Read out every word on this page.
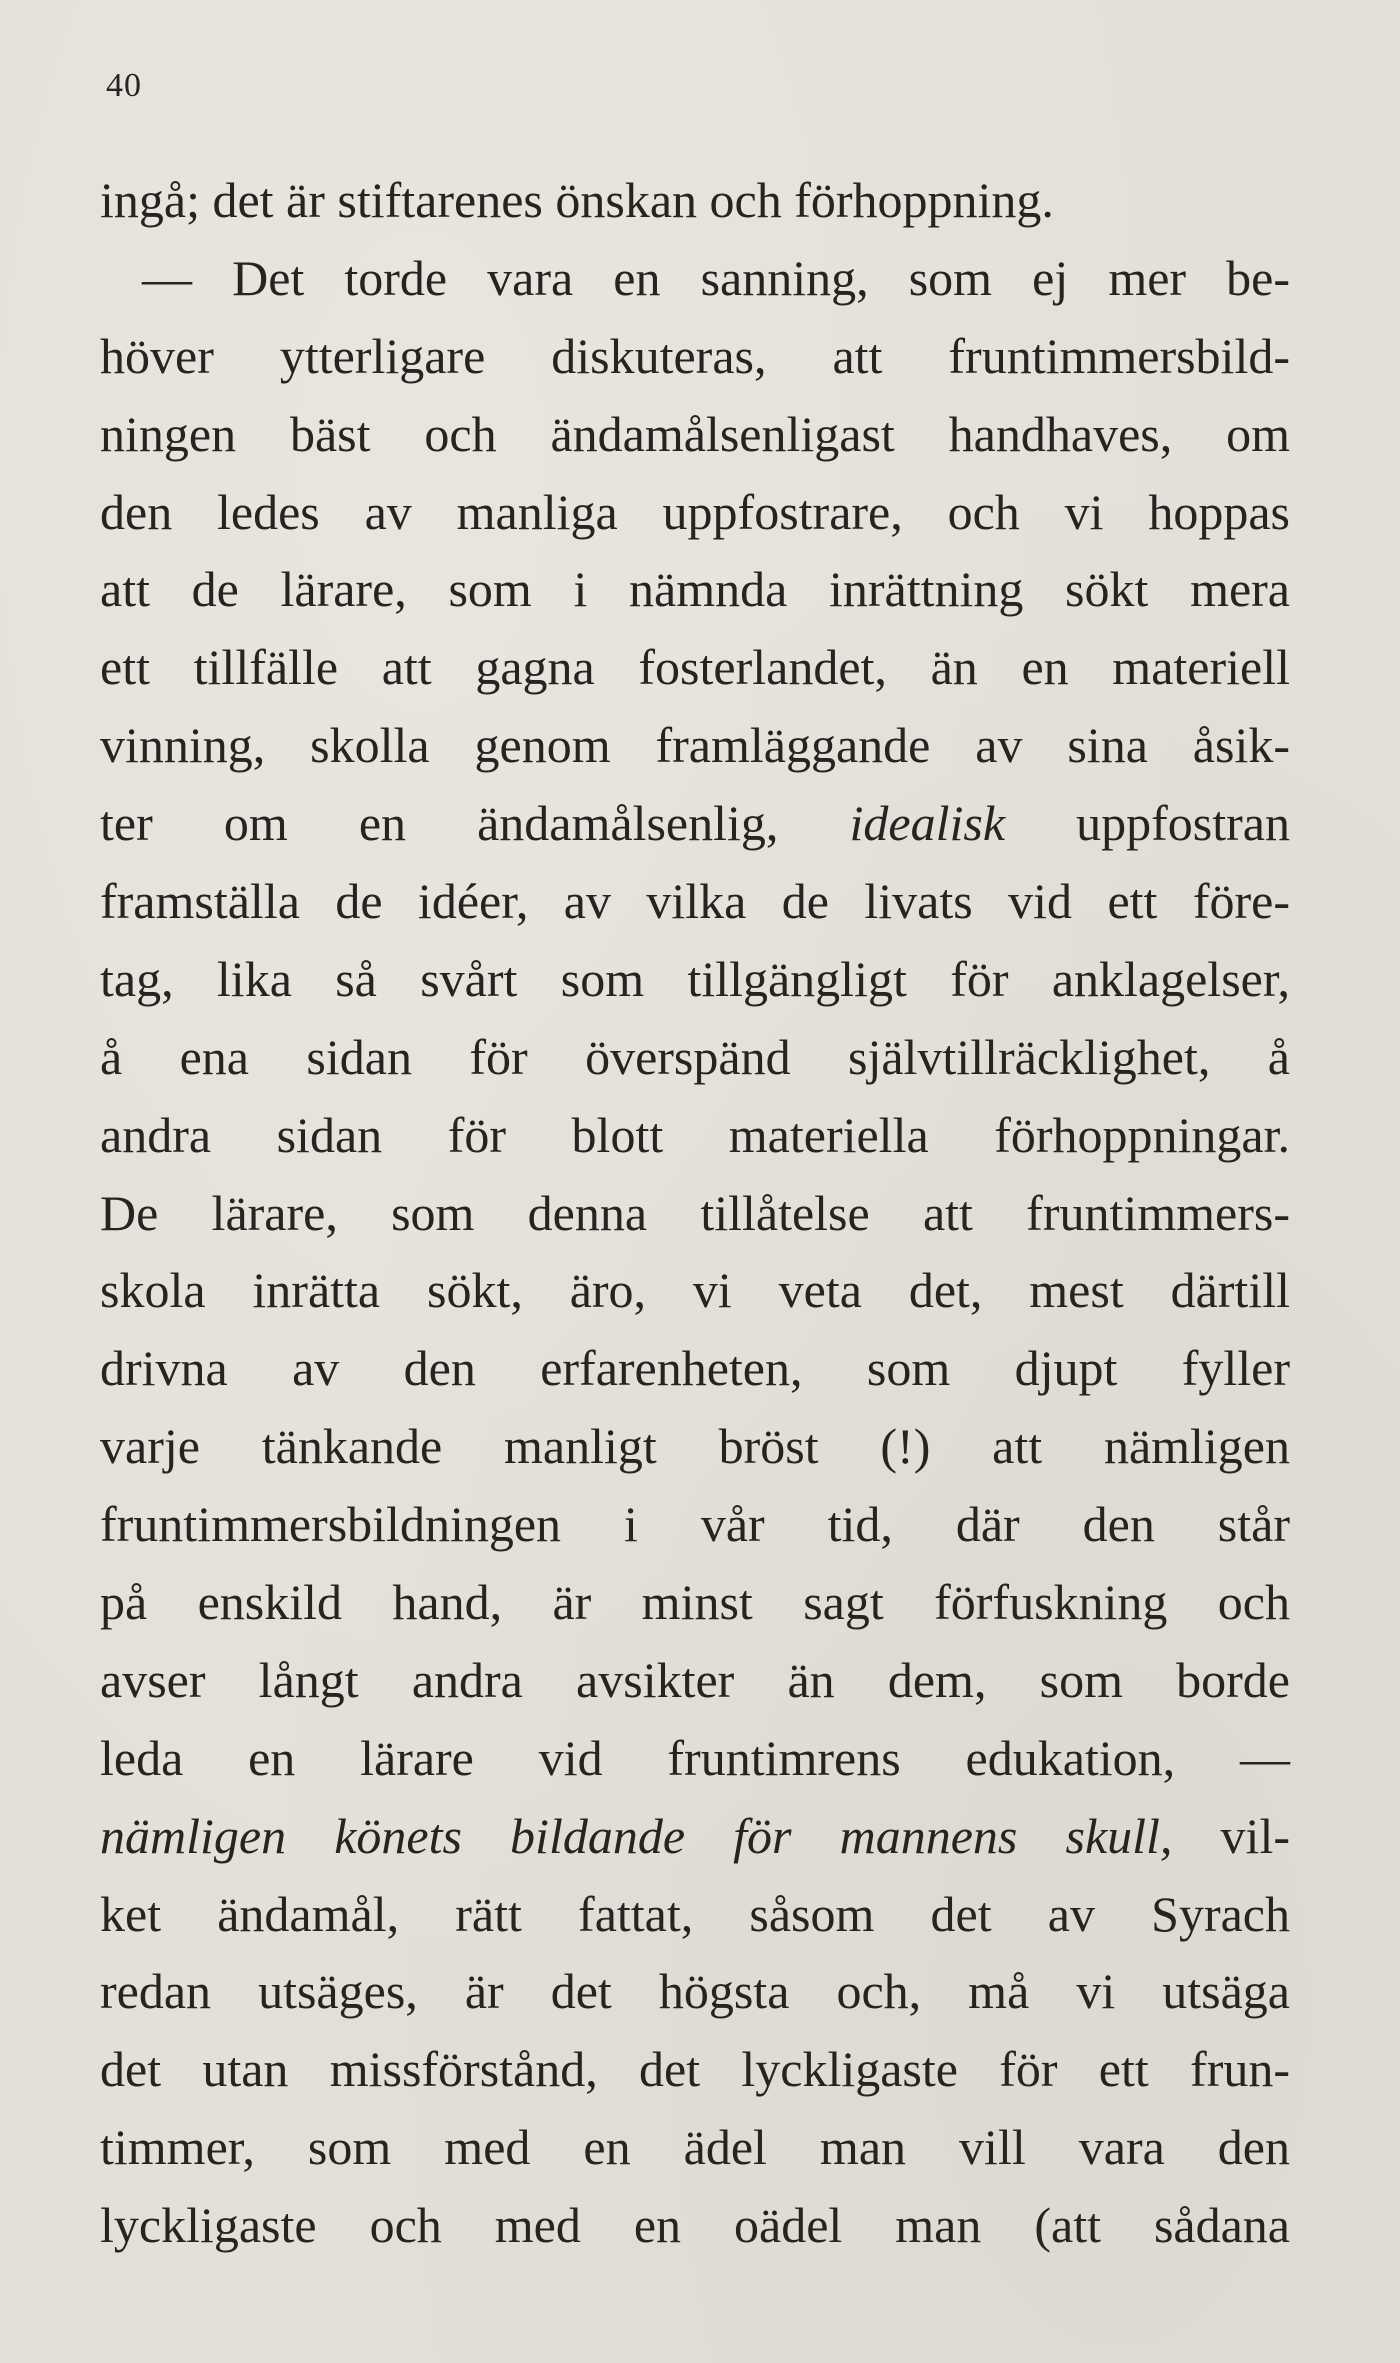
40
ingå; det är stiftarenes önskan och förhoppning.
— Det torde vara en sanning, som ej mer be-
höver ytterligare diskuteras, att fruntimmersbild-
ningen bäst och ändamålsenligast handhaves, om
den ledes av manliga uppfostrare, och vi hoppas
att de lärare, som i nämnda inrättning sökt mera
ett tillfälle att gagna fosterlandet, än en materiell
vinning, skolla genom framläggande av sina åsik-
ter om en ändamålsenlig, idealisk uppfostran
framställa de idéer, av vilka de livats vid ett före-
tag, lika så svårt som tillgängligt för anklagelser,
å ena sidan för överspänd självtillräcklighet, å
andra sidan för blott materiella förhoppningar.
De lärare, som denna tillåtelse att fruntimmers-
skola inrätta sökt, äro, vi veta det, mest därtill
drivna av den erfarenheten, som djupt fyller
varje tänkande manligt bröst (!) att nämligen
fruntimmersbildningen i vår tid, där den står
på enskild hand, är minst sagt förfuskning och
avser långt andra avsikter än dem, som borde
leda en lärare vid fruntimrens edukation, —
nämligen könets bildande för mannens skull, vil-
ket ändamål, rätt fattat, såsom det av Syrach
redan utsäges, är det högsta och, må vi utsäga
det utan missförstånd, det lyckligaste för ett frun-
timmer, som med en ädel man vill vara den
lyckligaste och med en oädel man (att sådana
